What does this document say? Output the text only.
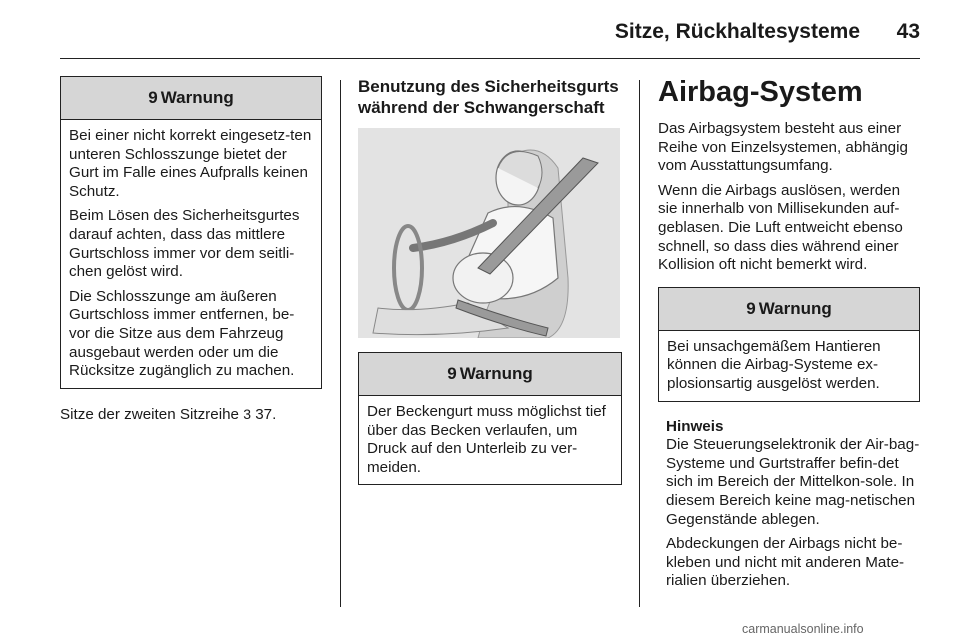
Sitze, Rückhaltesysteme 43
9 Warnung

Bei einer nicht korrekt eingesetz-ten unteren Schlosszunge bietet der Gurt im Falle eines Aufpralls keinen Schutz.

Beim Lösen des Sicherheitsgurtes darauf achten, dass das mittlere Gurtschloss immer vor dem seitli-chen gelöst wird.

Die Schlosszunge am äußeren Gurtschloss immer entfernen, be-vor die Sitze aus dem Fahrzeug ausgebaut werden oder um die Rücksitze zugänglich zu machen.

Sitze der zweiten Sitzreihe 3 37.

Benutzung des Sicherheitsgurts
während der Schwangerschaft
9 Warnung

Der Beckengurt muss möglichst tief über das Becken verlaufen, um Druck auf den Unterleib zu ver-meiden.

Airbag-System

Das Airbagsystem besteht aus einer Reihe von Einzelsystemen, abhängig vom Ausstattungsumfang.

Wenn die Airbags auslösen, werden sie innerhalb von Millisekunden auf-geblasen. Die Luft entweicht ebenso schnell, so dass dies während einer Kollision oft nicht bemerkt wird.

9 Warnung

Bei unsachgemäßem Hantieren können die Airbag-Systeme ex-plosionsartig ausgelöst werden.

Hinweis

Die Steuerungselektronik der Air-bag-Systeme und Gurtstraffer befin-det sich im Bereich der Mittelkon-sole. In diesem Bereich keine mag-netischen Gegenstände ablegen.

Abdeckungen der Airbags nicht be-kleben und nicht mit anderen Mate-rialien überziehen.

carmanualsonline.info
